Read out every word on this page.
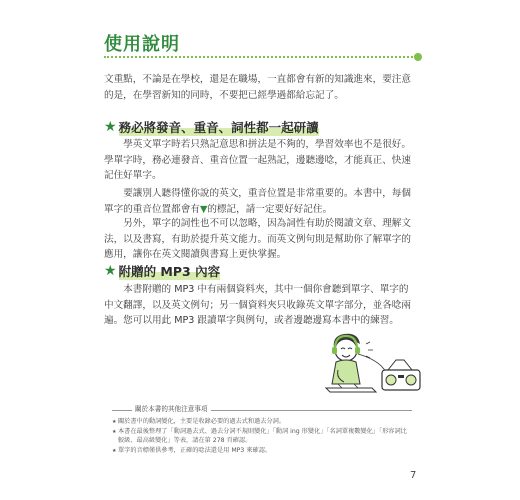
使用說明

文重點，不論是在學校，還是在職場，一直都會有新的知識進來，要注意的是，在學習新知的同時，不要把已經學過都給忘記了。

★ 務必將發音、重音、詞性都一起研讀

學英文單字時若只熟記意思和拼法是不夠的，學習效率也不是很好。學單字時，務必連發音、重音位置一起熟記，邊聽邊唸，才能真正、快速記住好單字。

要讓別人聽得懂你說的英文，重音位置是非常重要的。本書中，每個單字的重音位置都會有▼的標記，請一定要好好記住。

另外，單字的詞性也不可以忽略，因為詞性有助於閱讀文章、理解文法，以及書寫，有助於提升英文能力。而英文例句則是幫助你了解單字的應用，讓你在英文閱讀與書寫上更快掌握。

★ 附贈的 MP3 內容

本書附贈的 MP3 中有兩個資料夾，其中一個你會聽到單字、單字的中文翻譯，以及英文例句；另一個資料夾只收錄英文單字部分，並各唸兩遍。您可以用此 MP3 跟讀單字與例句，或者邊聽邊寫本書中的練習。

關於本書的其他注意事項
★ 關於書中的動詞變化，主要是收錄必要的過去式和過去分詞。
★ 本書在最後整理了「動詞過去式、過去分詞不規則變化」「動詞 ing 形變化」「名詞單複數變化」「形容詞比較級、最高級變化」等表，請在第 278 頁確認。
★ 單字的音標僅供參考，正確的唸法還是用 MP3 來確認。
7
